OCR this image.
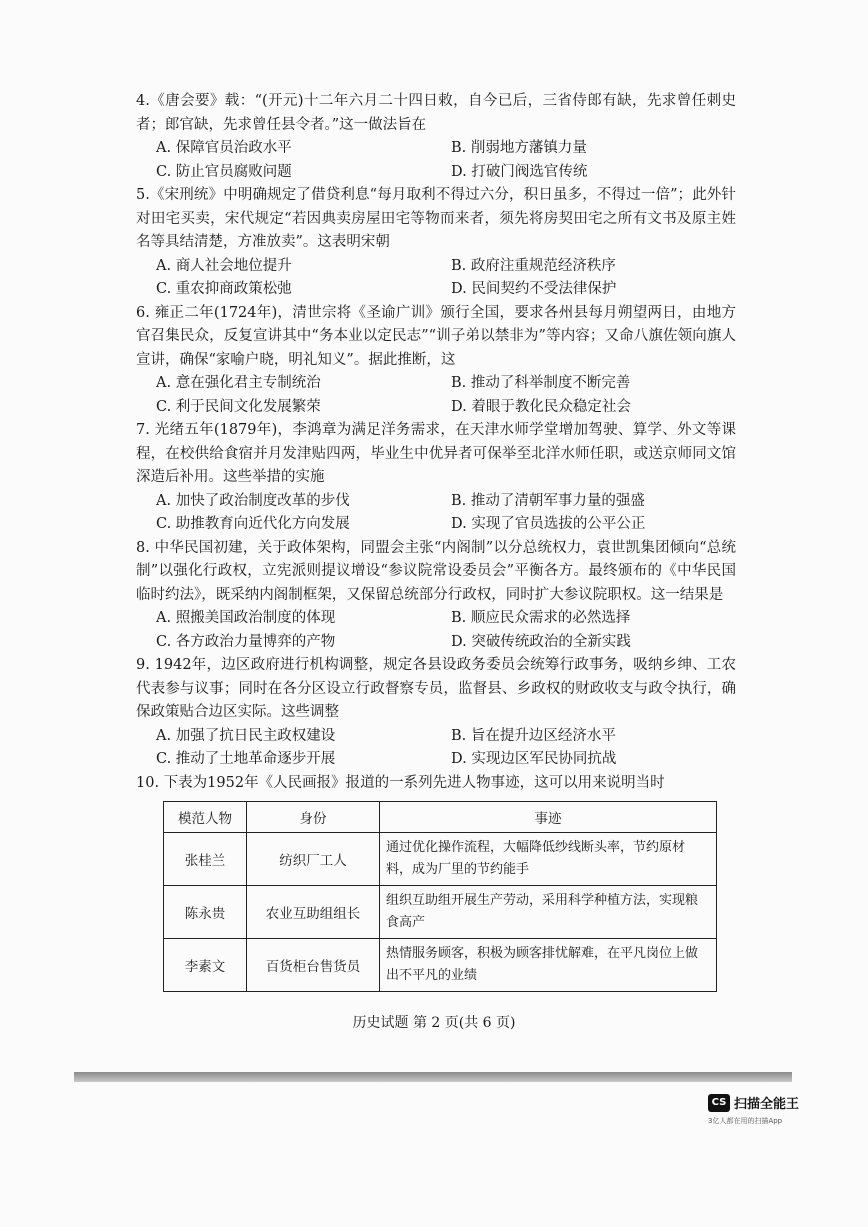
4.《唐会要》载：“(开元)十二年六月二十四日敕，自今已后，三省侍郎有缺，先求曾任刺史者；郎官缺，先求曾任县令者。”这一做法旨在
A. 保障官员治政水平	B. 削弱地方藩镇力量
C. 防止官员腐败问题	D. 打破门阀选官传统
5.《宋刑统》中明确规定了借贷利息“每月取利不得过六分，积日虽多，不得过一倍”；此外针对田宅买卖，宋代规定“若因典卖房屋田宅等物而来者，须先将房契田宅之所有文书及原主姓名等具结清楚，方准放卖”。这表明宋朝
A. 商人社会地位提升	B. 政府注重规范经济秩序
C. 重农抑商政策松弛	D. 民间契约不受法律保护
6. 雍正二年(1724年)，清世宗将《圣谕广训》颁行全国，要求各州县每月朔望两日，由地方官召集民众，反复宣讲其中“务本业以定民志”“训子弟以禁非为”等内容；又命八旗佐领向旗人宣讲，确保“家喻户晓，明礼知义”。据此推断，这
A. 意在强化君主专制统治	B. 推动了科举制度不断完善
C. 利于民间文化发展繁荣	D. 着眼于教化民众稳定社会
7. 光绪五年(1879年)，李鸿章为满足洋务需求，在天津水师学堂增加驾驶、算学、外文等课程，在校供给食宿并月发津贴四两，毕业生中优异者可保举至北洋水师任职，或送京师同文馆深造后补用。这些举措的实施
A. 加快了政治制度改革的步伐	B. 推动了清朝军事力量的强盛
C. 助推教育向近代化方向发展	D. 实现了官员选拔的公平公正
8. 中华民国初建，关于政体架构，同盟会主张“内阁制”以分总统权力，袁世凯集团倾向“总统制”以强化行政权，立宪派则提议增设“参议院常设委员会”平衡各方。最终颁布的《中华民国临时约法》，既采纳内阁制框架，又保留总统部分行政权，同时扩大参议院职权。这一结果是
A. 照搬美国政治制度的体现	B. 顺应民众需求的必然选择
C. 各方政治力量博弈的产物	D. 突破传统政治的全新实践
9. 1942年，边区政府进行机构调整，规定各县设政务委员会统筹行政事务，吸纳乡绅、工农代表参与议事；同时在各分区设立行政督察专员，监督县、乡政权的财政收支与政令执行，确保政策贴合边区实际。这些调整
A. 加强了抗日民主政权建设	B. 旨在提升边区经济水平
C. 推动了土地革命逐步开展	D. 实现边区军民协同抗战
10. 下表为1952年《人民画报》报道的一系列先进人物事迹，这可以用来说明当时
模范人物	身份	事迹
张桂兰	纺织厂工人	通过优化操作流程，大幅降低纱线断头率，节约原材料，成为厂里的节约能手
陈永贵	农业互助组组长	组织互助组开展生产劳动，采用科学种植方法，实现粮食高产
李素文	百货柜台售货员	热情服务顾客，积极为顾客排忧解难，在平凡岗位上做出不平凡的业绩
历史试题 第 2 页(共 6 页)
CS 扫描全能王
3亿人都在用的扫描App
